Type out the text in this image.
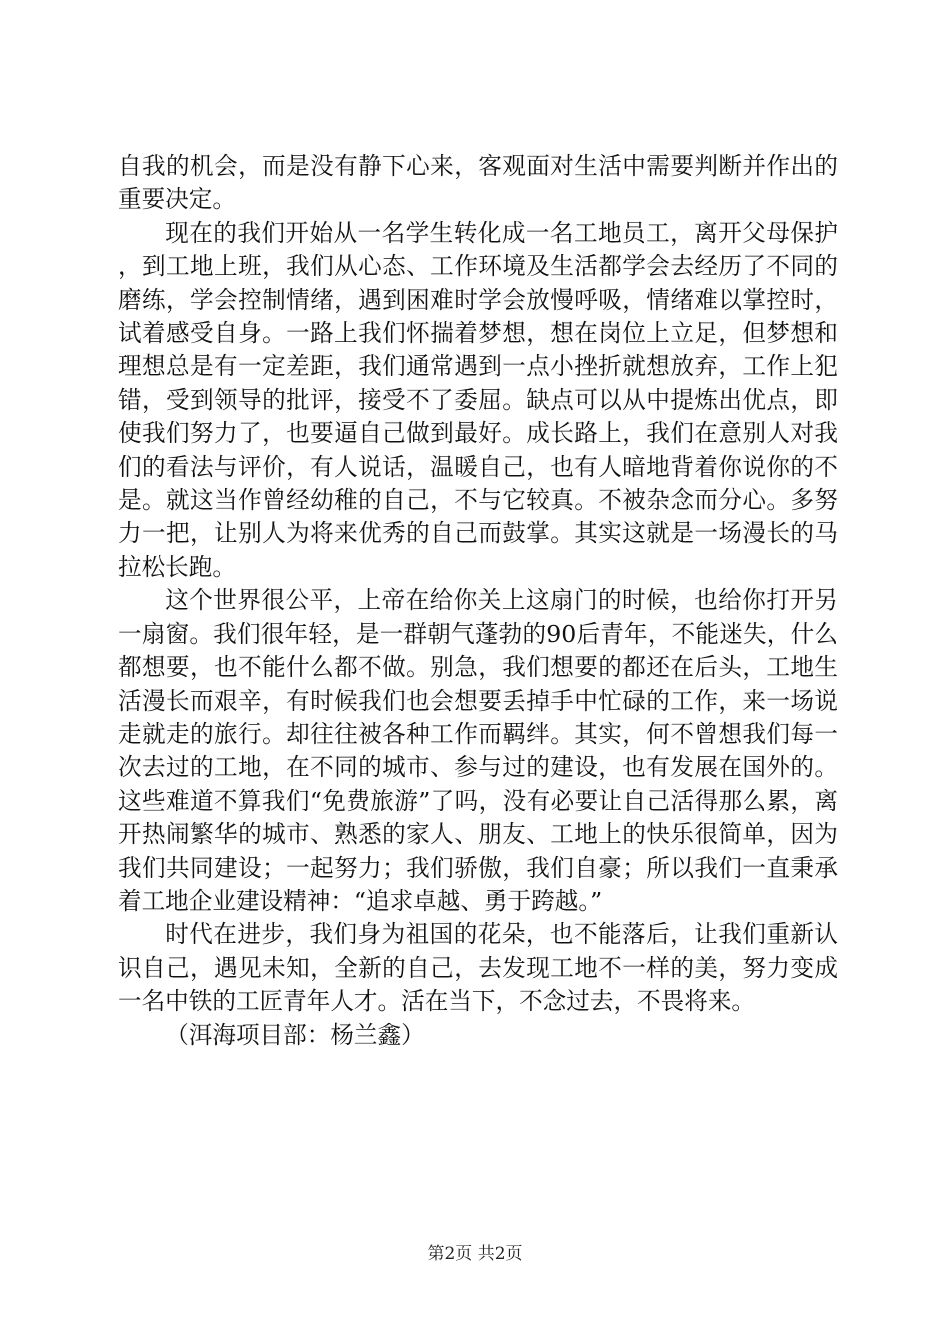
自我的机会，而是没有静下心来，客观面对生活中需要判断并作出的重要决定。

现在的我们开始从一名学生转化成一名工地员工，离开父母保护，到工地上班，我们从心态、工作环境及生活都学会去经历了不同的磨练，学会控制情绪，遇到困难时学会放慢呼吸，情绪难以掌控时，试着感受自身。一路上我们怀揣着梦想，想在岗位上立足，但梦想和理想总是有一定差距，我们通常遇到一点小挫折就想放弃，工作上犯错，受到领导的批评，接受不了委屈。缺点可以从中提炼出优点，即使我们努力了，也要逼自己做到最好。成长路上，我们在意别人对我们的看法与评价，有人说话，温暖自己，也有人暗地背着你说你的不是。就这当作曾经幼稚的自己，不与它较真。不被杂念而分心。多努力一把，让别人为将来优秀的自己而鼓掌。其实这就是一场漫长的马拉松长跑。

这个世界很公平，上帝在给你关上这扇门的时候，也给你打开另一扇窗。我们很年轻，是一群朝气蓬勃的90后青年，不能迷失，什么都想要，也不能什么都不做。别急，我们想要的都还在后头，工地生活漫长而艰辛，有时候我们也会想要丢掉手中忙碌的工作，来一场说走就走的旅行。却往往被各种工作而羁绊。其实，何不曾想我们每一次去过的工地，在不同的城市、参与过的建设，也有发展在国外的。这些难道不算我们“免费旅游”了吗，没有必要让自己活得那么累，离开热闹繁华的城市、熟悉的家人、朋友、工地上的快乐很简单，因为我们共同建设；一起努力；我们骄傲，我们自豪；所以我们一直秉承着工地企业建设精神：“追求卓越、勇于跨越。”

时代在进步，我们身为祖国的花朵，也不能落后，让我们重新认识自己，遇见未知，全新的自己，去发现工地不一样的美，努力变成一名中铁的工匠青年人才。活在当下，不念过去，不畏将来。

（洱海项目部：杨兰鑫）

第2页 共2页
